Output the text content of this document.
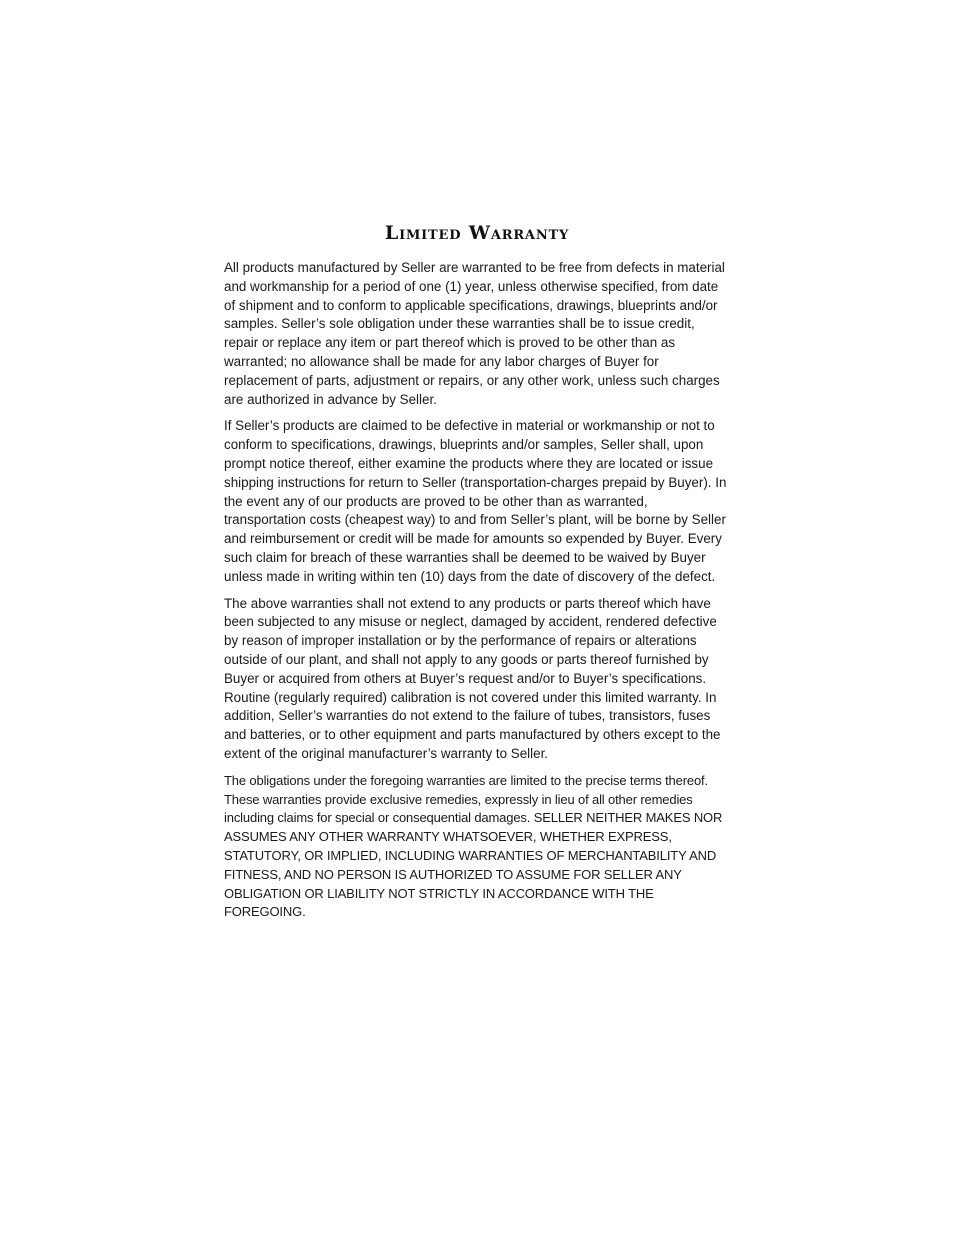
Limited Warranty

All products manufactured by Seller are warranted to be free from defects in material and workmanship for a period of one (1) year, unless otherwise specified, from date of shipment and to conform to applicable specifications, drawings, blueprints and/or samples. Seller’s sole obligation under these warranties shall be to issue credit, repair or replace any item or part thereof which is proved to be other than as warranted; no allowance shall be made for any labor charges of Buyer for replacement of parts, adjustment or repairs, or any other work, unless such charges are authorized in advance by Seller.

If Seller’s products are claimed to be defective in material or workmanship or not to conform to specifications, drawings, blueprints and/or samples, Seller shall, upon prompt notice thereof, either examine the products where they are located or issue shipping instructions for return to Seller (transportation-charges prepaid by Buyer). In the event any of our products are proved to be other than as warranted, transportation costs (cheapest way) to and from Seller’s plant, will be borne by Seller and reimbursement or credit will be made for amounts so expended by Buyer. Every such claim for breach of these warranties shall be deemed to be waived by Buyer unless made in writing within ten (10) days from the date of discovery of the defect.

The above warranties shall not extend to any products or parts thereof which have been subjected to any misuse or neglect, damaged by accident, rendered defective by reason of improper installation or by the performance of repairs or alterations outside of our plant, and shall not apply to any goods or parts thereof furnished by Buyer or acquired from others at Buyer’s request and/or to Buyer’s specifications. Routine (regularly required) calibration is not covered under this limited warranty. In addition, Seller’s warranties do not extend to the failure of tubes, transistors, fuses and batteries, or to other equipment and parts manufactured by others except to the extent of the original manufacturer’s warranty to Seller.

The obligations under the foregoing warranties are limited to the precise terms thereof. These warranties provide exclusive remedies, expressly in lieu of all other remedies including claims for special or consequential damages. SELLER NEITHER MAKES NOR ASSUMES ANY OTHER WARRANTY WHATSOEVER, WHETHER EXPRESS, STATUTORY, OR IMPLIED, INCLUDING WARRANTIES OF MERCHANTABILITY AND FITNESS, AND NO PERSON IS AUTHORIZED TO ASSUME FOR SELLER ANY OBLIGATION OR LIABILITY NOT STRICTLY IN ACCORDANCE WITH THE FOREGOING.
